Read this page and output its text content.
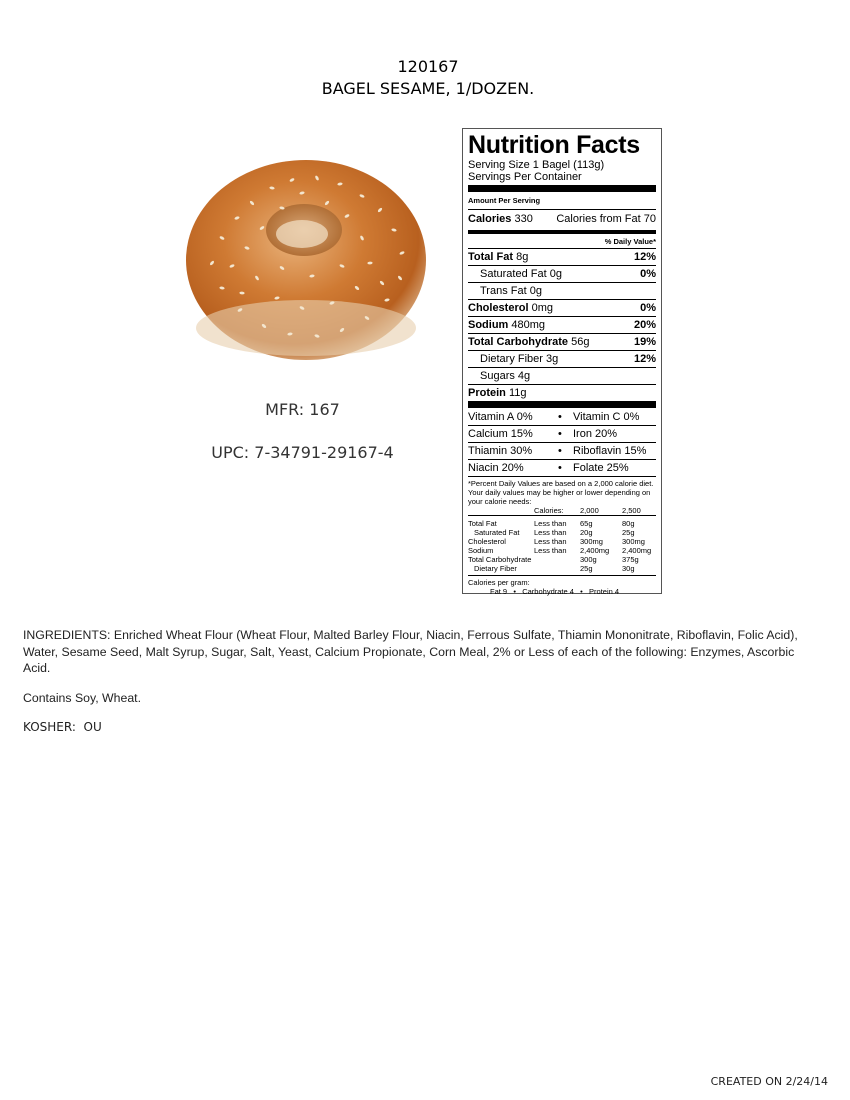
120167
BAGEL SESAME, 1/DOZEN.
MFR: 167
UPC: 7-34791-29167-4
Nutrition Facts
Serving Size 1 Bagel (113g)
Servings Per Container
Amount Per Serving
Calories 330 Calories from Fat 70
% Daily Value*
Total Fat 8g	12%
Saturated Fat 0g	0%
Trans Fat 0g
Cholesterol 0mg	0%
Sodium 480mg	20%
Total Carbohydrate 56g	19%
Dietary Fiber 3g	12%
Sugars 4g
Protein 11g
Vitamin A 0%	•	Vitamin C 0%
Calcium 15%	•	Iron 20%
Thiamin 30%	•	Riboflavin 15%
Niacin 20%	•	Folate 25%
*Percent Daily Values are based on a 2,000 calorie diet. Your daily values may be higher or lower depending on your calorie needs:
	Calories:	2,000	2,500

Total Fat	Less than	65g	80g
Saturated Fat	Less than	20g	25g
Cholesterol	Less than	300mg	300mg
Sodium	Less than	2,400mg	2,400mg
Total Carbohydrate		300g	375g
Dietary Fiber		25g	30g
Calories per gram:
Fat 9   •   Carbohydrate 4   •   Protein 4
INGREDIENTS: Enriched Wheat Flour (Wheat Flour, Malted Barley Flour, Niacin, Ferrous Sulfate, Thiamin Mononitrate, Riboflavin, Folic Acid), Water, Sesame Seed, Malt Syrup, Sugar, Salt, Yeast, Calcium Propionate, Corn Meal, 2% or Less of each of the following: Enzymes, Ascorbic Acid.
Contains Soy, Wheat.
KOSHER:  OU
CREATED ON 2/24/14
